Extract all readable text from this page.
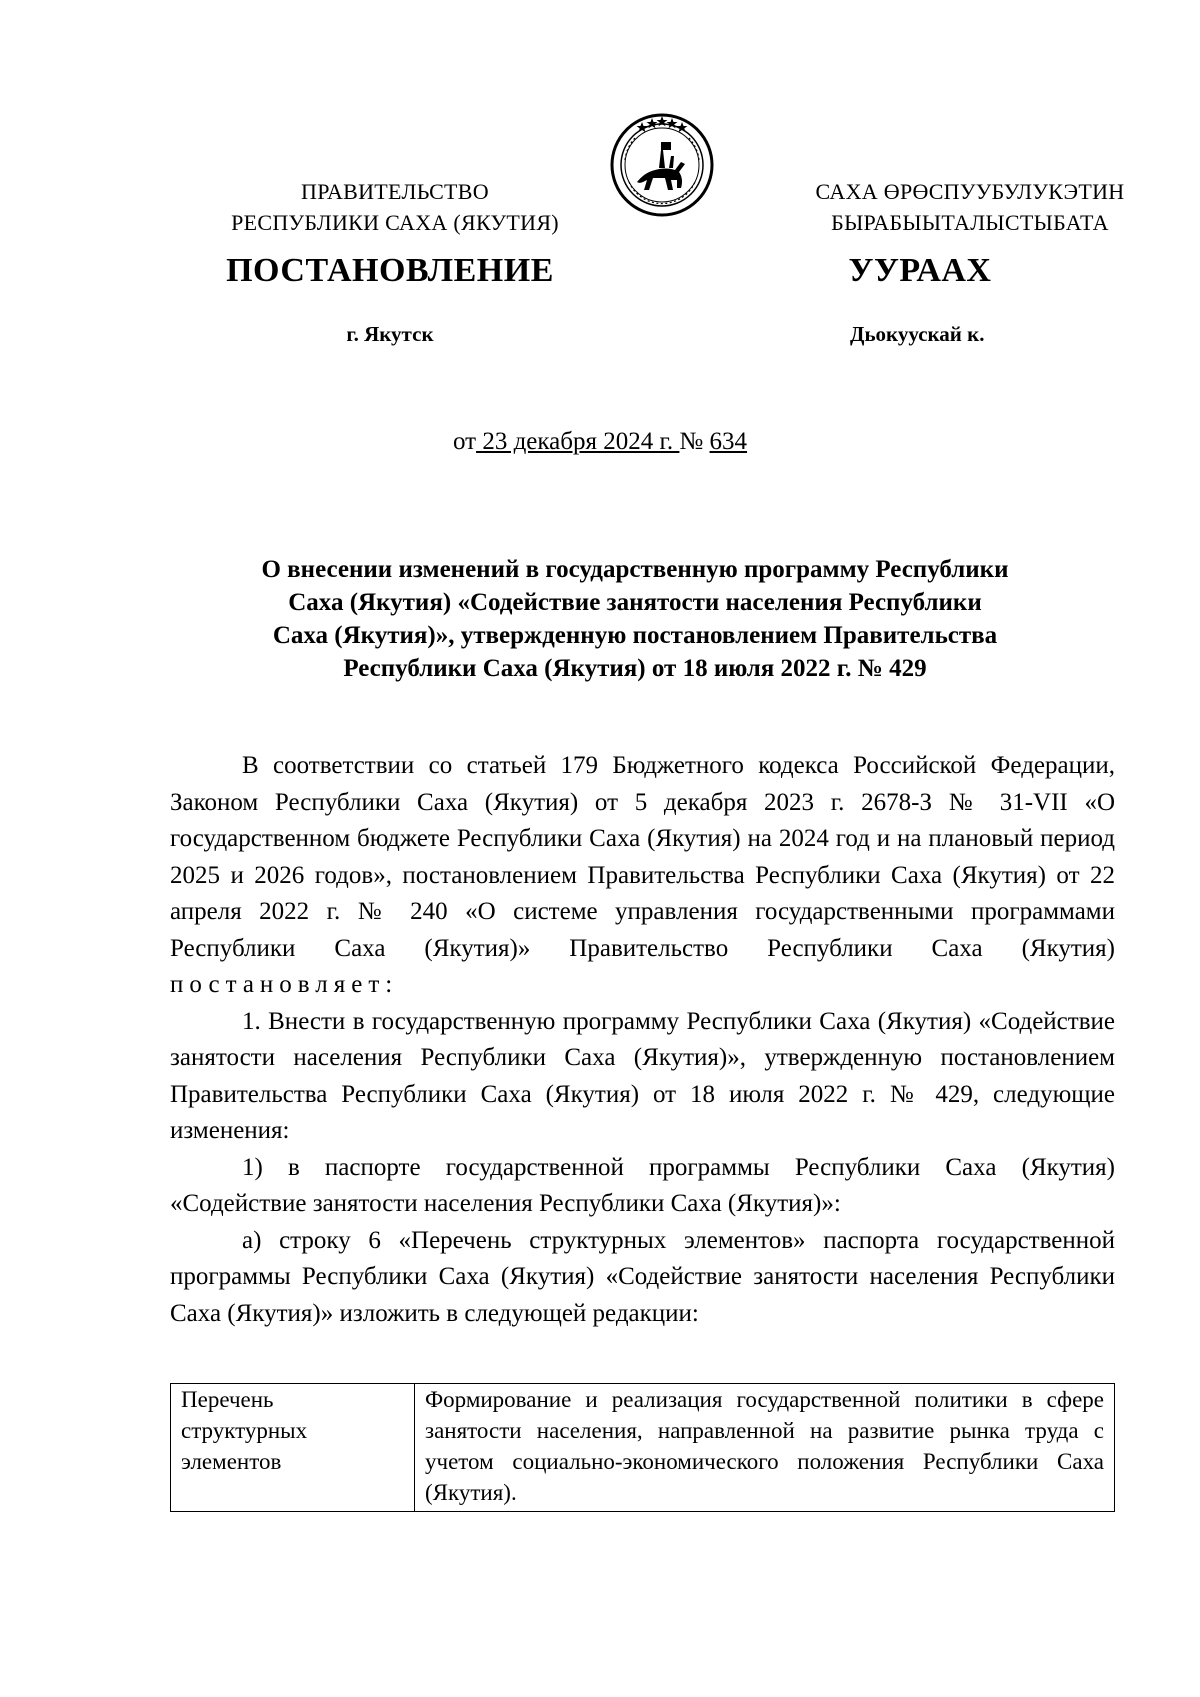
ПРАВИТЕЛЬСТВО
РЕСПУБЛИКИ САХА (ЯКУТИЯ)
САХА ӨРӨСПУУБУЛУКЭТИН
БЫРАБЫЫТАЛЫСТЫБАТА
ПОСТАНОВЛЕНИЕ	УУРААХ
г. Якутск	Дьокуускай к.
от 23 декабря 2024 г. № 634
О внесении изменений в государственную программу Республики
Саха (Якутия) «Содействие занятости населения Республики
Саха (Якутия)», утвержденную постановлением Правительства
Республики Саха (Якутия) от 18 июля 2022 г. № 429

В соответствии со статьей 179 Бюджетного кодекса Российской Федерации, Законом Республики Саха (Якутия) от 5 декабря 2023 г. 2678-З № 31-VII «О государственном бюджете Республики Саха (Якутия) на 2024 год и на плановый период 2025 и 2026 годов», постановлением Правительства Республики Саха (Якутия) от 22 апреля 2022 г. № 240 «О системе управления государственными программами Республики Саха (Якутия)» Правительство Республики Саха (Якутия) постановляет:

1. Внести в государственную программу Республики Саха (Якутия) «Содействие занятости населения Республики Саха (Якутия)», утвержденную постановлением Правительства Республики Саха (Якутия) от 18 июля 2022 г. № 429, следующие изменения:

1) в паспорте государственной программы Республики Саха (Якутия) «Содействие занятости населения Республики Саха (Якутия)»:

а) строку 6 «Перечень структурных элементов» паспорта государственной программы Республики Саха (Якутия) «Содействие занятости населения Республики Саха (Якутия)» изложить в следующей редакции:

Перечень структурных элементов	Формирование и реализация государственной политики в сфере занятости населения, направленной на развитие рынка труда с учетом социально-экономического положения Республики Саха (Якутия).
